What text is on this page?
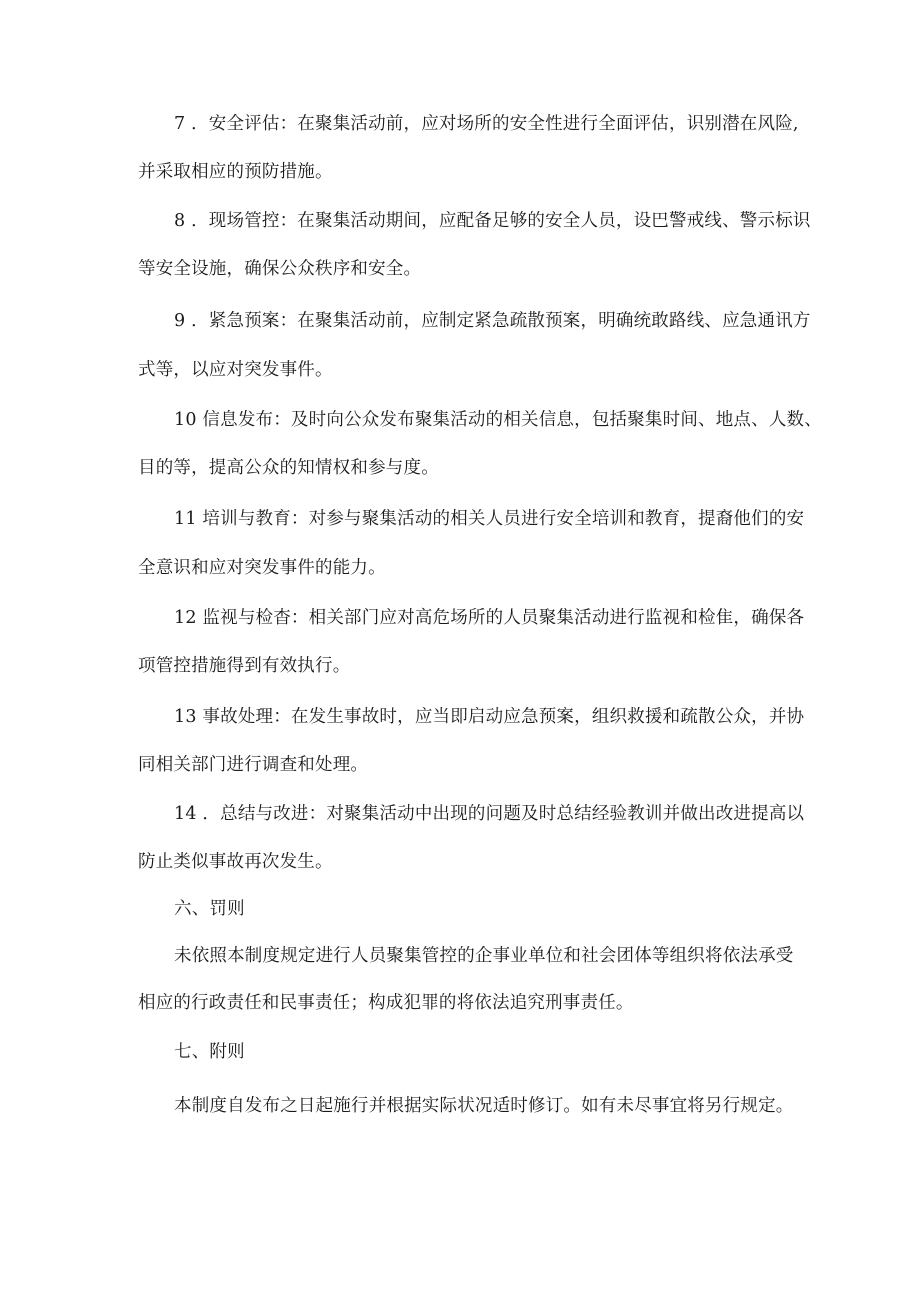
7 ．安全评估：在聚集活动前，应对场所的安全性进行全面评估，识别潜在风险,
并采取相应的预防措施。
8 ．现场管控：在聚集活动期间，应配备足够的安全人员，设巴警戒线、警示标识
等安全设施，确保公众秩序和安全。
9 ．紧急预案：在聚集活动前，应制定紧急疏散预案，明确统敢路线、应急通讯方
式等，以应对突发事件。
10 信息发布：及时向公众发布聚集活动的相关信息，包括聚集时间、地点、人数、
目的等，提高公众的知情权和参与度。
11 培训与教育：对参与聚集活动的相关人员进行安全培训和教育，提裔他们的安
全意识和应对突发事件的能力。
12 监视与检杳：相关部门应对高危场所的人员聚集活动进行监视和检隹，确保各
项管控措施得到有效执行。
13 事故处理：在发生事故时，应当即启动应急预案，组织救援和疏散公众，并协
同相关部门进行调查和处理。
14 ．总结与改进：对聚集活动中出现的问题及时总结经验教训并做出改进提高以
防止类似事故再次发生。
六、罚则
未依照本制度规定进行人员聚集管控的企事业单位和社会团体等组织将依法承受
相应的行政责任和民事责任；构成犯罪的将依法追究刑事责任。
七、附则
本制度自发布之日起施行并根据实际状况适时修订。如有未尽事宜将另行规定。
